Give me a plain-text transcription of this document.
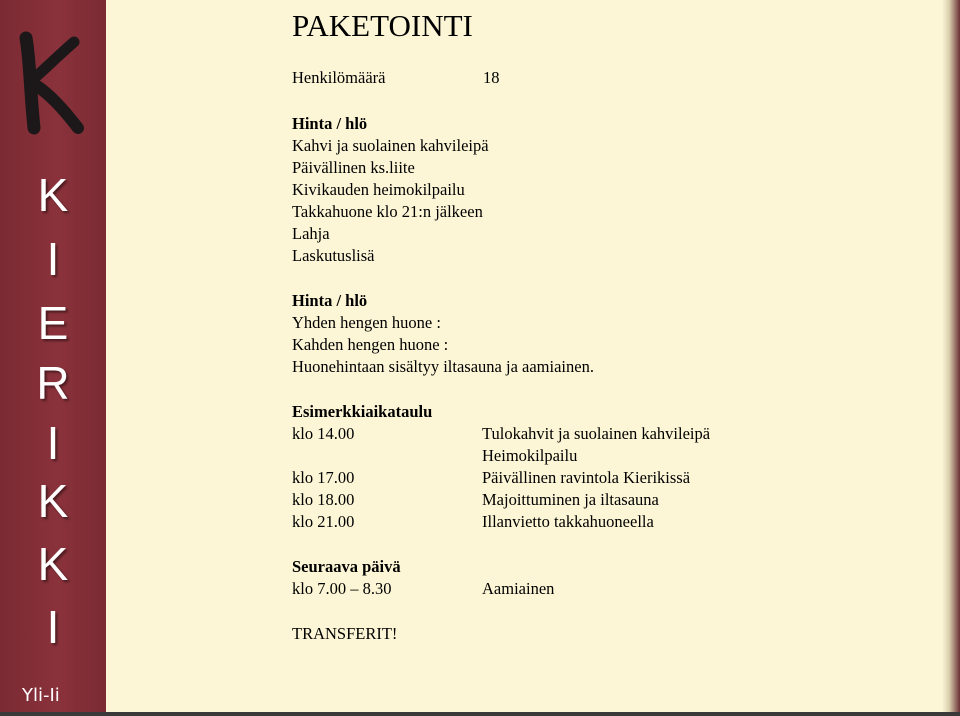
K
I
E
R
I
K
K
I
Yli-Ii
PAKETOINTI
Henkilömäärä	18
Hinta / hlö
Kahvi ja suolainen kahvileipä
Päivällinen ks.liite
Kivikauden heimokilpailu
Takkahuone klo 21:n jälkeen
Lahja
Laskutuslisä
Hinta / hlö
Yhden hengen huone :
Kahden hengen huone :
Huonehintaan sisältyy iltasauna ja aamiainen.
Esimerkkiaikataulu
klo 14.00	Tulokahvit ja suolainen kahvileipä
Heimokilpailu
klo 17.00	Päivällinen ravintola Kierikissä
klo 18.00	Majoittuminen ja iltasauna
klo 21.00	Illanvietto takkahuoneella
Seuraava päivä
klo 7.00 – 8.30	Aamiainen
TRANSFERIT!
